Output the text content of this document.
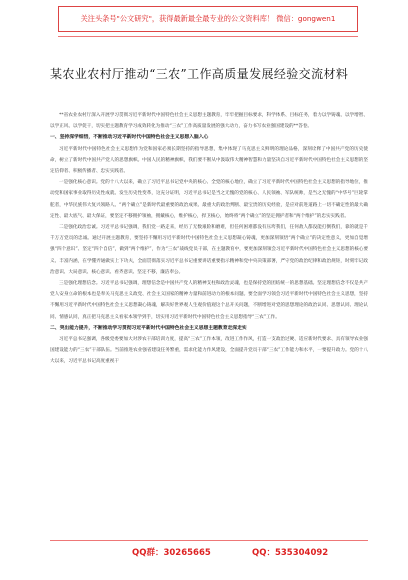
关注头条号"公文研究"，获得最新最全最专业的公文资料库！ 微信：gongwen1
某农业农村厅推动“三农”工作高质量发展经验交流材料

**省农业农村厅深入开展学习贯彻习近平新时代中国特色社会主义思想主题教育，牢牢把握目标要求，科学体系、目标任务，着力以学铸魂、以学增智、以学正风、以学促干，切实把主题教育学习成效转化为推动“三农”工作高质量发展的强大动力，奋力书写农业强国建设的**答卷。

一、坚持深学细悟，不断推动习近平新时代中国特色社会主义思想入脑入心

习近平新时代中国特色社会主义思想作为党和国家必须长期坚持的指导思想，集中体现了马克思主义鲜明的理论品格，深刻诠释了中国共产党的历史使命，树立了新时代中国共产党人的思想旗帜。中国人民的精神旗帜，我们要不断从中汲取伟大精神智慧和力量坚决自习近平新时代中国特色社会主义思想的坚定信仰者、积极传播者、忠实实践者。

一是强化核心意识。党的十八大以来，确立了习近平总书记党中央的核心、全党的核心地位，确立了习近平新时代中国特色社会主义思想的指导地位，推动党和国家事业取得历史性成就、发生历史性变革，这充分证明，习近平总书记是当之无愧的党的核心、人民领袖、军队统帅，是当之无愧的“中华号”巨轮掌舵者，中华民族伟大复兴领路人。“两个确立”是新时代最重要的政治成果、最重大的政治判断、最宝贵的历史经验，是应对前进道路上一切不确定性的最大确定性、最大底气、最大保证，要坚定不移拥护领袖，拥戴核心，维护核心，捍卫核心，始终将“两个确立”的坚定拥护者和“两个维护”的忠实实践者。

二是强化政治忠诚。习近平总书记强调，我们党一路走来，经历了无数艰险和磨难，但任何困难都没有压垮我们，任何敌人都没能打倒我们，靠的就是千千万万党员的忠诚。通过开展主题教育，要坚持不懈用习近平新时代中国特色社会主义思想凝心铸魂，更加深刻领悟“两个确立”的决定性意义，更加自觉增强“四个意识”、坚定“四个自信”，做到“两个维护”，作为“三农”战线党员干部，在主题教育中，要更加深刻领会习近平新时代中国特色社会主义思想的核心要义、丰富内涵，在学懂弄通做实上下功夫，全面贯彻落实习近平总书记重要讲话重要指示精神和党中央决策部署，严守党的政治纪律和政治规矩，时刻牢记政治意识、大局意识、核心意识、看齐意识、坚定不移，廉洁奉公。

三是强化理想信念。习近平总书记强调，理想信念是中国共产党人的精神支柱和政治灵魂，也是保持党的团结统一的思想基础。坚定理想信念不仅是共产党人安身立命的根本也是奉关马克思主义政党、社会主义国家的精神力量和前进动力的根本问题。要全面学习领会习近平新时代中国特色社会主义思想，坚持不懈用习近平新时代中国特色社会主义思想凝心铸魂，解决好世界观人生观价值观这个总开关问题，不断增进对党的思想理论的政治认同、思想认同、理论认同、情感认同，真正把马克思主义看家本领学到手，切实用习近平新时代中国特色社会主义思想指导“三农”工作。

二、突出能力提升，不断推动学习贯彻习近平新时代中国特色社会主义思想主题教育走深走实

习近平总书记强调，各级党委要加大对涉农干部培训力度，提高“三农”工作本领，改进工作作风，打造一支政治过硬、适应新时代要求、具有领导农业强国建设能力的“三农”干部队伍。当前推进农业强省建设任务繁重，需求化能力作风建设，全面提升党员干部“三农”工作能力和水平，一要提升政力。党的十八大以来，习近平总书记高度重视干

QQ群：30265665	QQ：535304092
